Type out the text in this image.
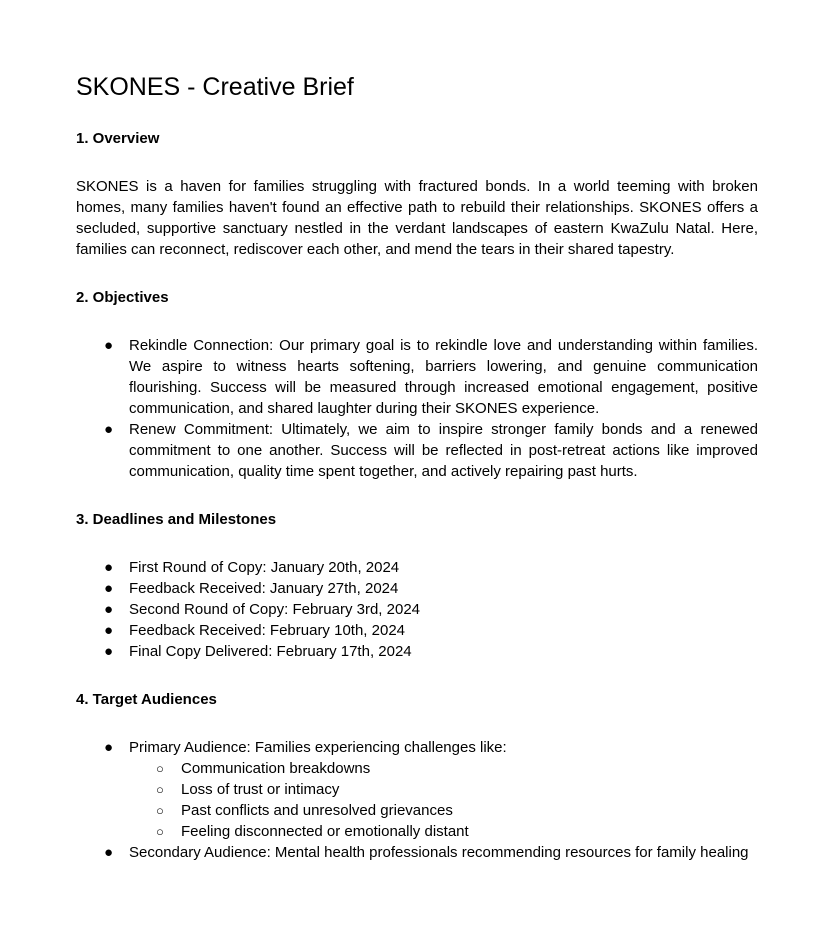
SKONES - Creative Brief
1. Overview

SKONES is a haven for families struggling with fractured bonds. In a world teeming with broken homes, many families haven't found an effective path to rebuild their relationships. SKONES offers a secluded, supportive sanctuary nestled in the verdant landscapes of eastern KwaZulu Natal. Here, families can reconnect, rediscover each other, and mend the tears in their shared tapestry.

2. Objectives
● Rekindle Connection: Our primary goal is to rekindle love and understanding within families. We aspire to witness hearts softening, barriers lowering, and genuine communication flourishing. Success will be measured through increased emotional engagement, positive communication, and shared laughter during their SKONES experience.
● Renew Commitment: Ultimately, we aim to inspire stronger family bonds and a renewed commitment to one another. Success will be reflected in post-retreat actions like improved communication, quality time spent together, and actively repairing past hurts.
3. Deadlines and Milestones
● First Round of Copy: January 20th, 2024
● Feedback Received: January 27th, 2024
● Second Round of Copy: February 3rd, 2024
● Feedback Received: February 10th, 2024
● Final Copy Delivered: February 17th, 2024
4. Target Audiences
● Primary Audience: Families experiencing challenges like:
○ Communication breakdowns
○ Loss of trust or intimacy
○ Past conflicts and unresolved grievances
○ Feeling disconnected or emotionally distant
● Secondary Audience: Mental health professionals recommending resources for family healing
